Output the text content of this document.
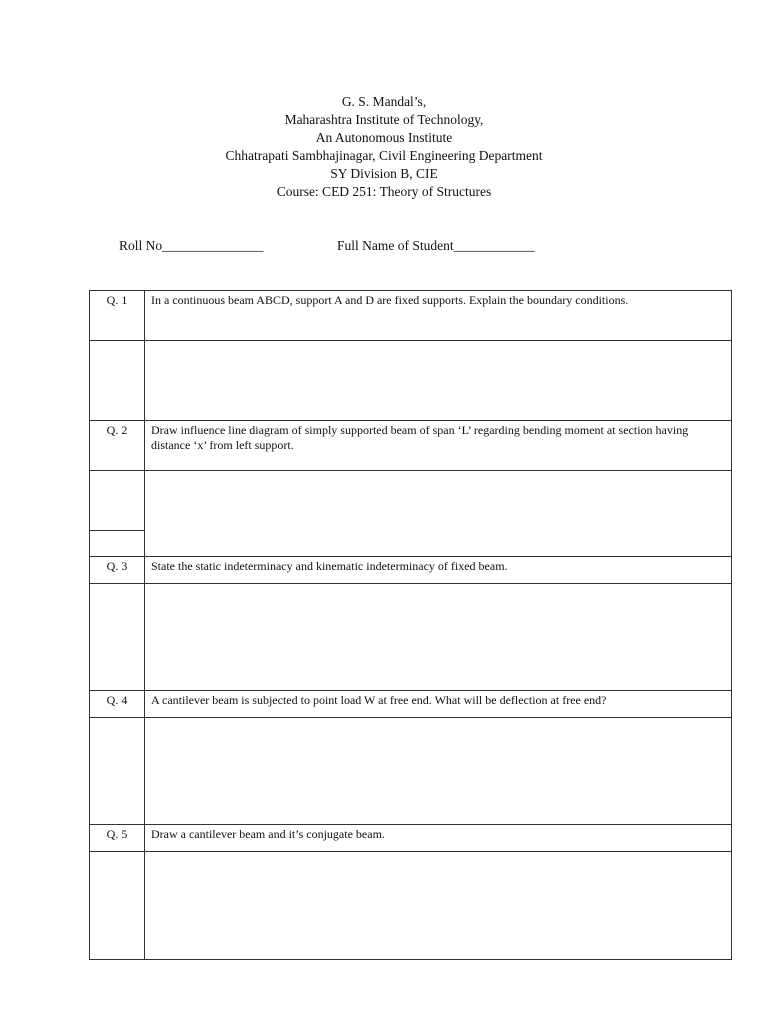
G. S. Mandal’s,
Maharashtra Institute of Technology,
An Autonomous Institute
Chhatrapati Sambhajinagar, Civil Engineering Department
SY Division B, CIE
Course: CED 251: Theory of Structures
Roll No_______________	Full Name of Student____________
Q. 1	In a continuous beam ABCD, support A and D are fixed supports. Explain the boundary conditions.

Q. 2	Draw influence line diagram of simply supported beam of span ‘L’ regarding bending moment at section having distance ‘x’ from left support.

Q. 3	State the static indeterminacy and kinematic indeterminacy of fixed beam.

Q. 4	A cantilever beam is subjected to point load W at free end. What will be deflection at free end?

Q. 5	Draw a cantilever beam and it’s conjugate beam.
